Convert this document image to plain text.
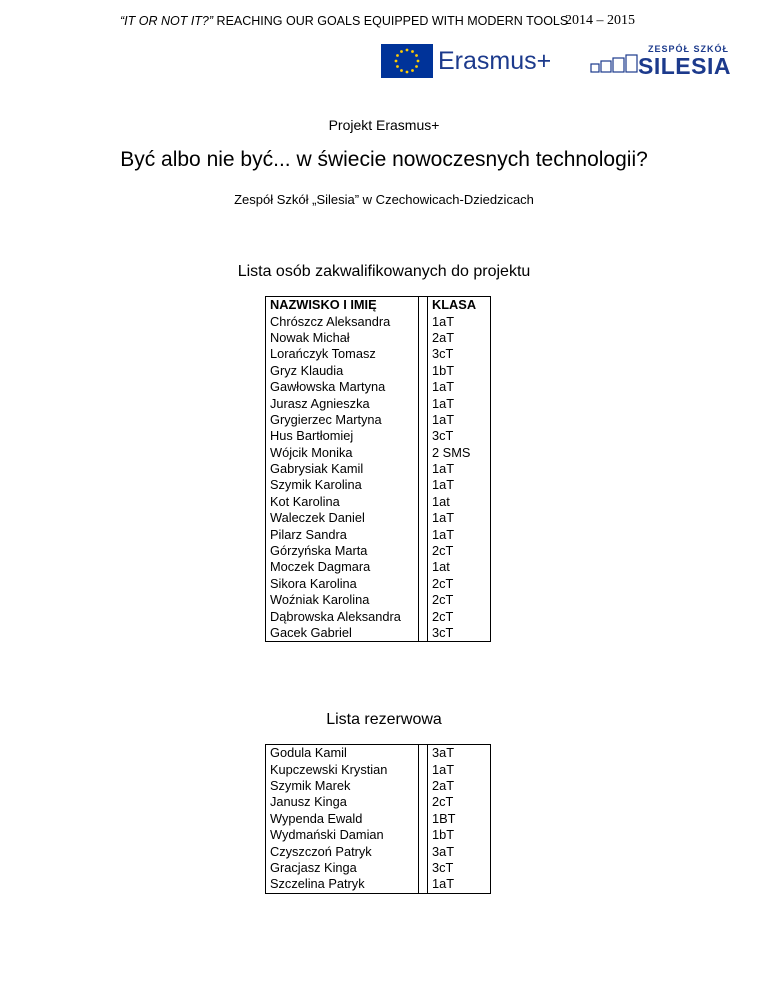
“IT OR NOT IT?” REACHING OUR GOALS EQUIPPED WITH MODERN TOOLS
2014 – 2015
Erasmus+	ZESPÓŁ SZKÓŁ
SILESIA
Projekt Erasmus+
Być albo nie być... w świecie nowoczesnych technologii?
Zespół Szkół „Silesia” w Czechowicach-Dziedzicach
Lista osób zakwalifikowanych do projektu
NAZWISKO I IMIĘ		KLASA
Chrószcz Aleksandra		1aT
Nowak Michał		2aT
Lorańczyk Tomasz		3cT
Gryz Klaudia		1bT
Gawłowska Martyna		1aT
Jurasz Agnieszka		1aT
Grygierzec Martyna		1aT
Hus Bartłomiej		3cT
Wójcik Monika		2 SMS
Gabrysiak Kamil		1aT
Szymik Karolina		1aT
Kot Karolina		1at
Waleczek Daniel		1aT
Pilarz Sandra		1aT
Górzyńska Marta		2cT
Moczek Dagmara		1at
Sikora Karolina		2cT
Woźniak Karolina		2cT
Dąbrowska Aleksandra		2cT
Gacek Gabriel		3cT
Lista rezerwowa
Godula Kamil		3aT
Kupczewski Krystian		1aT
Szymik Marek		2aT
Janusz Kinga		2cT
Wypenda Ewald		1BT
Wydmański Damian		1bT
Czyszczoń Patryk		3aT
Gracjasz Kinga		3cT
Szczelina Patryk		1aT
